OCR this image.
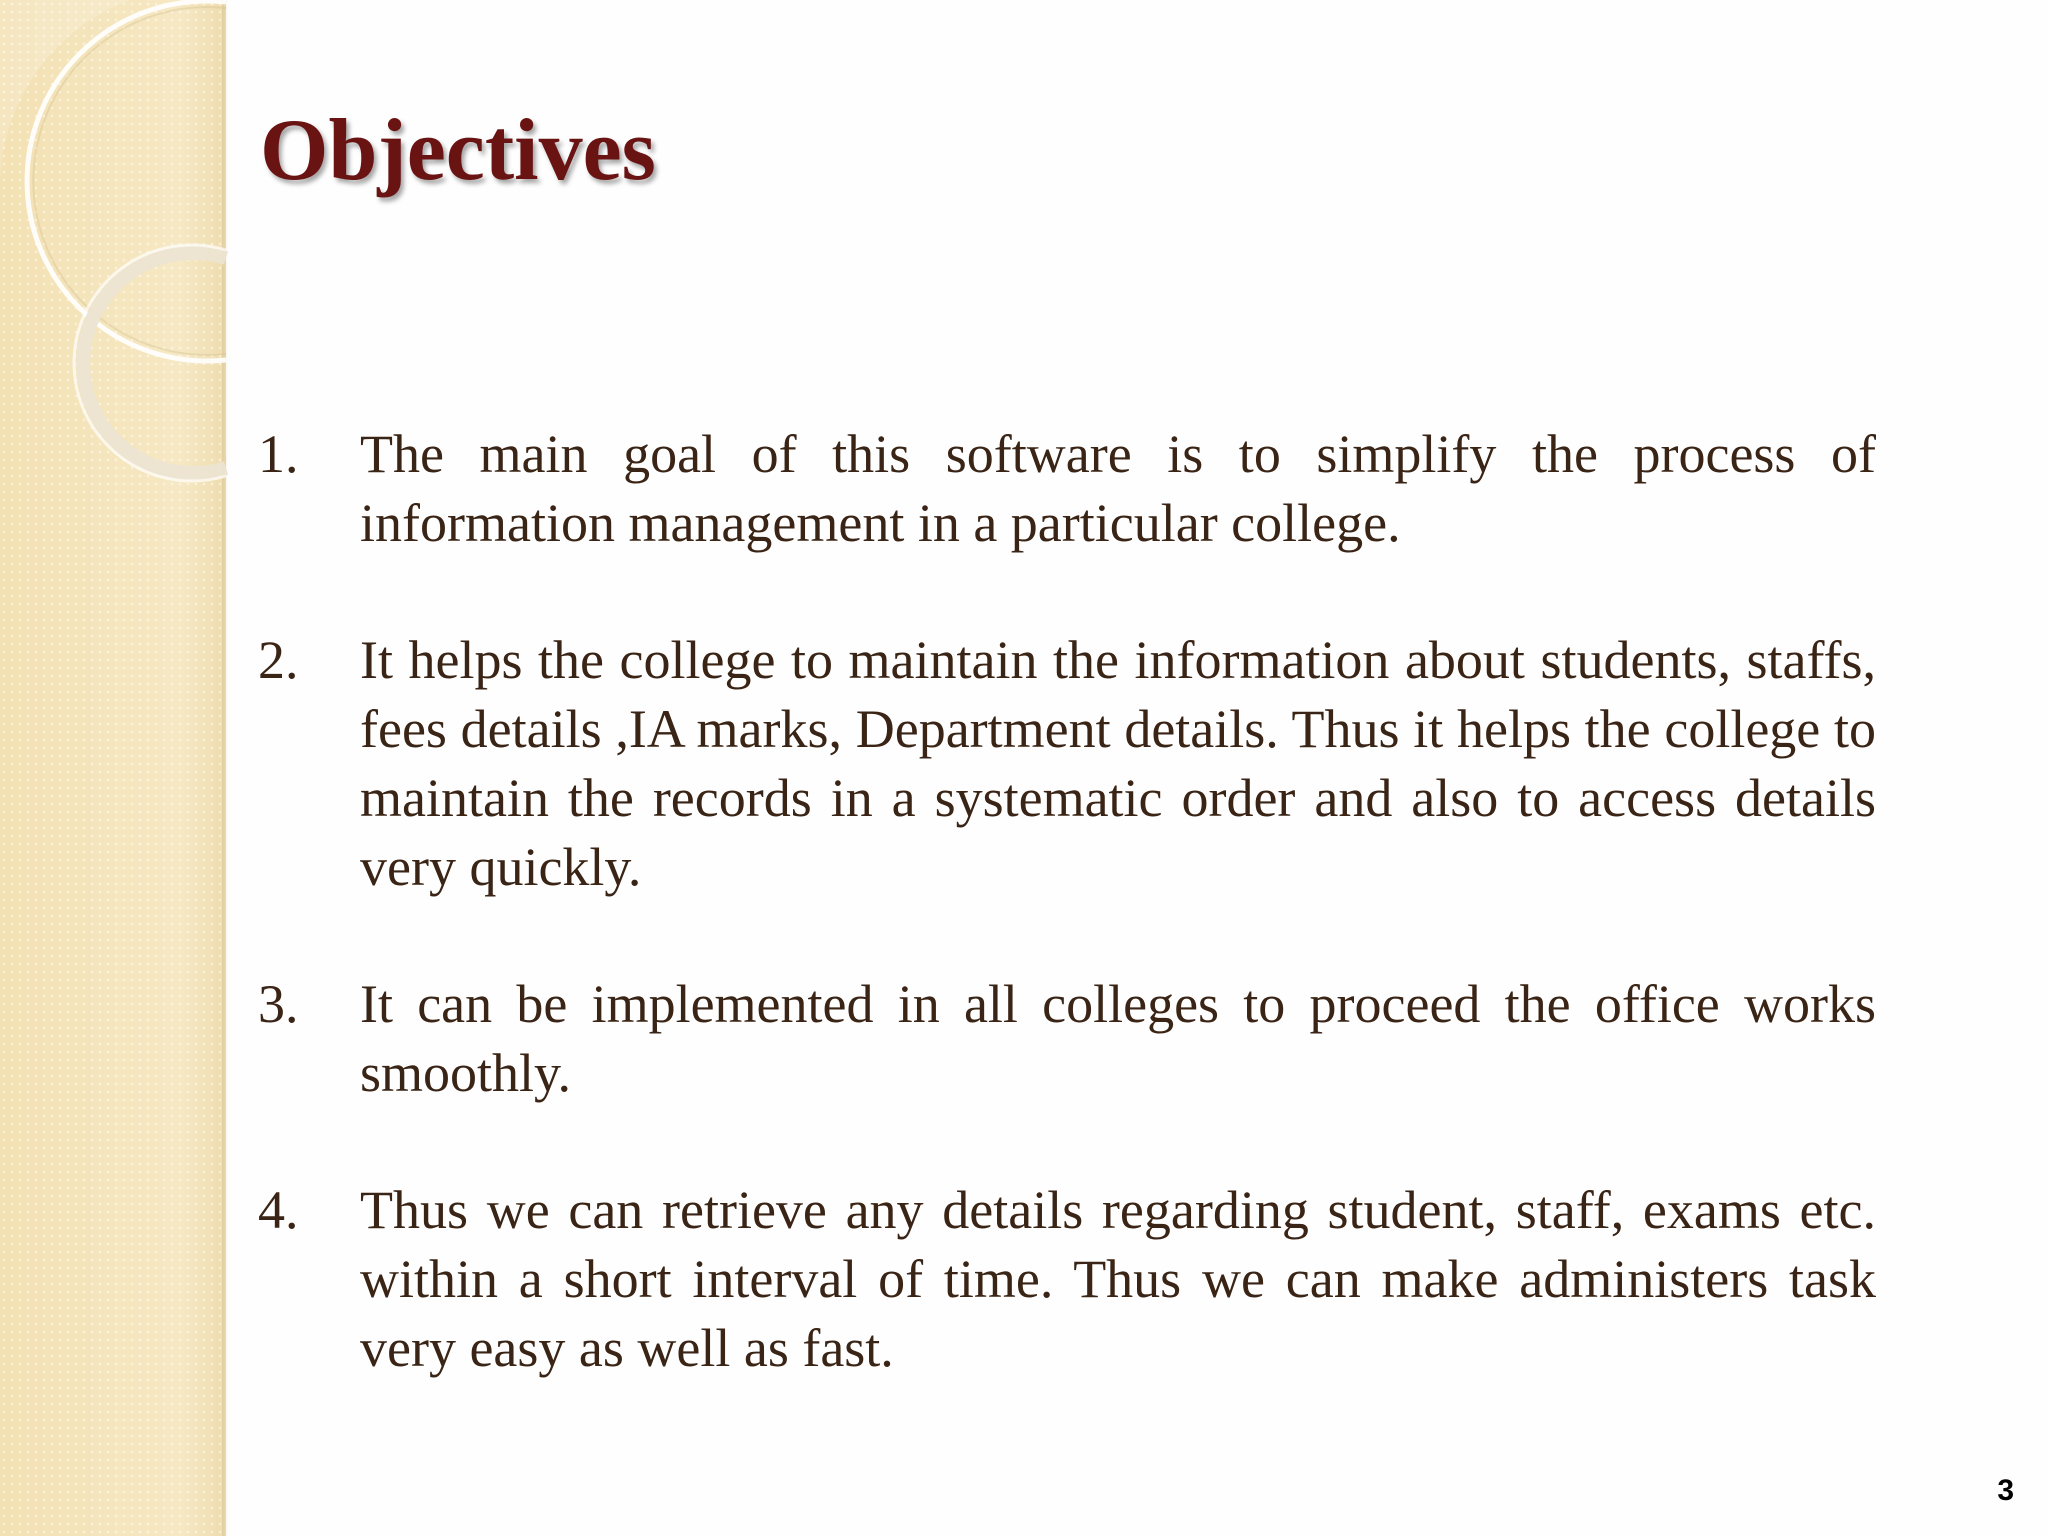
Objectives
1.	The main goal of this software is to simplify the process of information management in a particular college.
2.	It helps the college to maintain the information about students, staffs, fees details ,IA marks, Department details. Thus it helps the college to maintain the records in a systematic order and also to access details very quickly.
3.	It can be implemented in all colleges to proceed the office works smoothly.
4.	Thus we can retrieve any details regarding student, staff, exams etc. within a short interval of time. Thus we can make administers task very easy as well as fast.
3
